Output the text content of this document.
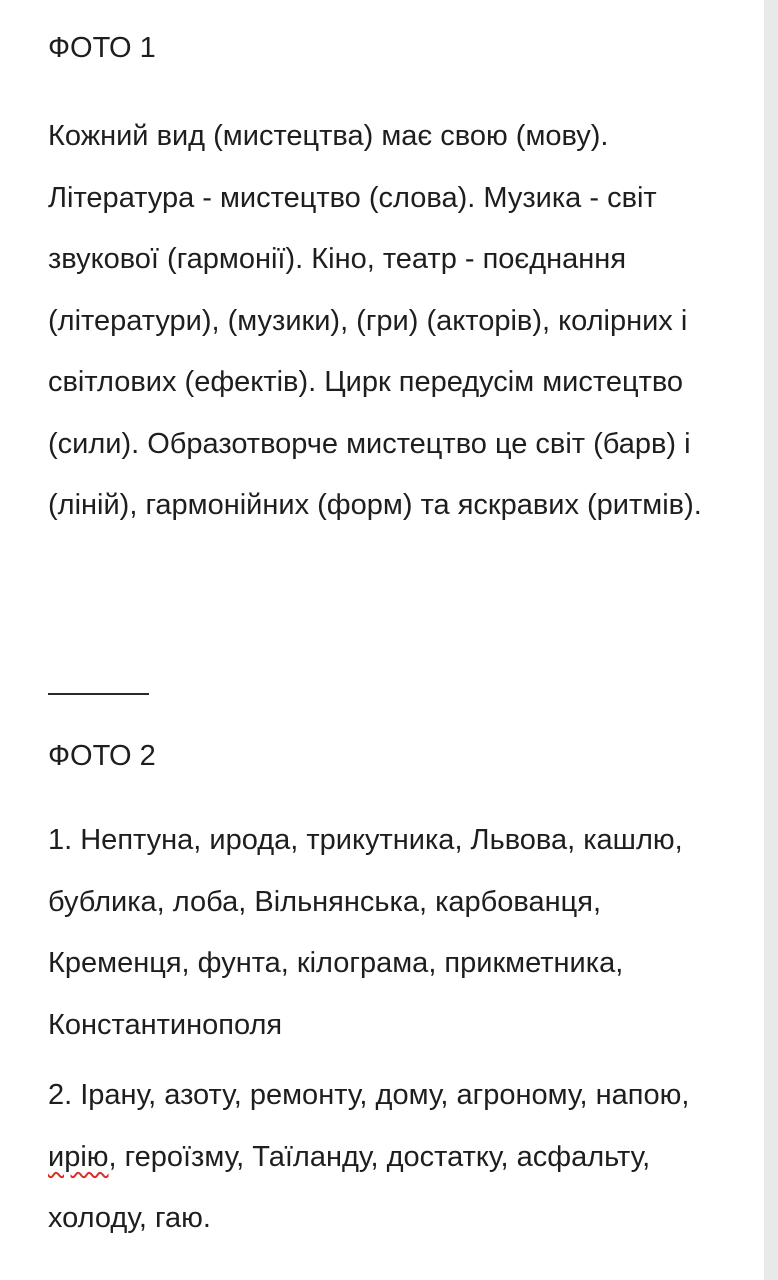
ФОТО 1

Кожний вид (мистецтва) має свою (мову). Література - мистецтво (слова). Музика - світ звукової (гармонії). Кіно, театр - поєднання (літератури), (музики), (гри) (акторів), колірних і світлових (ефектів). Цирк передусім мистецтво (сили). Образотворче мистецтво це світ (барв) і (ліній), гармонійних (форм) та яскравих (ритмів).

ФОТО 2

1. Нептуна, ирода, трикутника, Львова, кашлю, бублика, лоба, Вільнянська, карбованця, Кременця, фунта, кілограма, прикметника, Константинополя

2. Ірану, азоту, ремонту, дому, агроному, напою, ирію, героїзму, Таїланду, достатку, асфальту, холоду, гаю.
